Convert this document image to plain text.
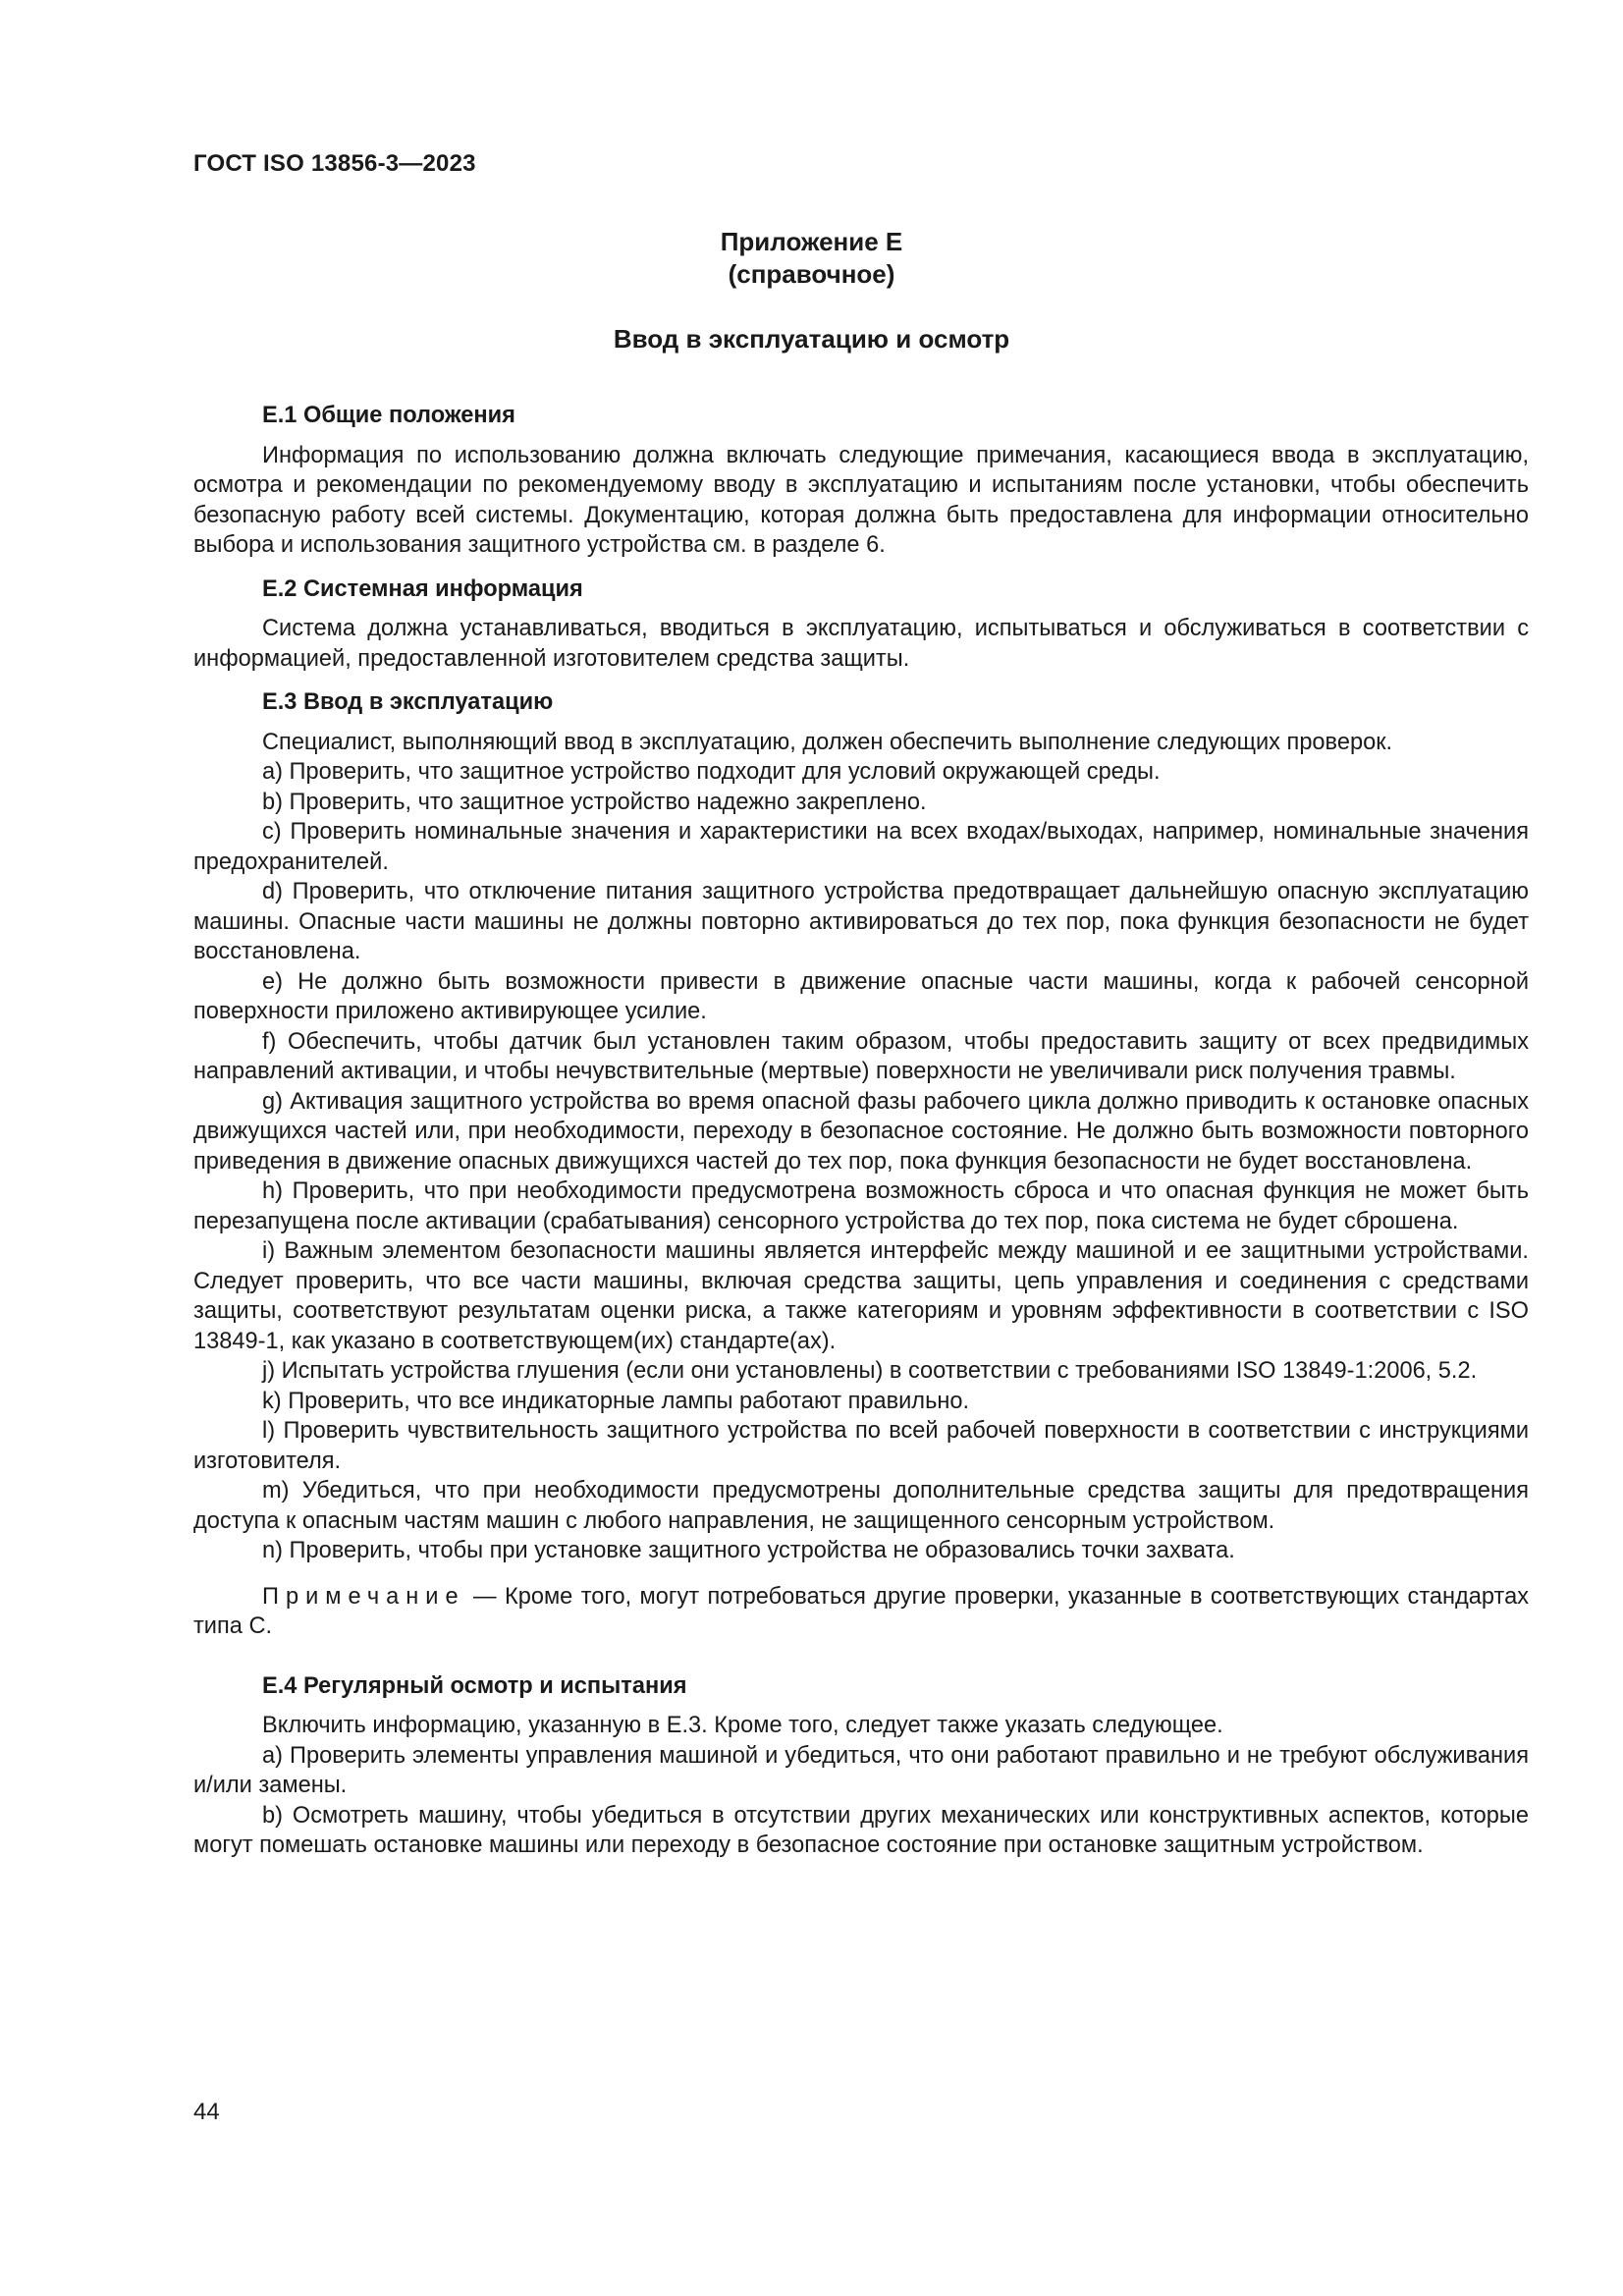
ГОСТ ISO 13856-3—2023
Приложение Е
(справочное)
Ввод в эксплуатацию и осмотр
Е.1 Общие положения

Информация по использованию должна включать следующие примечания, касающиеся ввода в эксплуатацию, осмотра и рекомендации по рекомендуемому вводу в эксплуатацию и испытаниям после установки, чтобы обеспечить безопасную работу всей системы. Документацию, которая должна быть предоставлена для информации относительно выбора и использования защитного устройства см. в разделе 6.

Е.2 Системная информация

Система должна устанавливаться, вводиться в эксплуатацию, испытываться и обслуживаться в соответствии с информацией, предоставленной изготовителем средства защиты.

Е.3 Ввод в эксплуатацию

Специалист, выполняющий ввод в эксплуатацию, должен обеспечить выполнение следующих проверок.

а) Проверить, что защитное устройство подходит для условий окружающей среды.

b) Проверить, что защитное устройство надежно закреплено.

с) Проверить номинальные значения и характеристики на всех входах/выходах, например, номинальные значения предохранителей.

d) Проверить, что отключение питания защитного устройства предотвращает дальнейшую опасную эксплуатацию машины. Опасные части машины не должны повторно активироваться до тех пор, пока функция безопасности не будет восстановлена.

е) Не должно быть возможности привести в движение опасные части машины, когда к рабочей сенсорной поверхности приложено активирующее усилие.

f) Обеспечить, чтобы датчик был установлен таким образом, чтобы предоставить защиту от всех предвидимых направлений активации, и чтобы нечувствительные (мертвые) поверхности не увеличивали риск получения травмы.

g) Активация защитного устройства во время опасной фазы рабочего цикла должно приводить к остановке опасных движущихся частей или, при необходимости, переходу в безопасное состояние. Не должно быть возможности повторного приведения в движение опасных движущихся частей до тех пор, пока функция безопасности не будет восстановлена.

h) Проверить, что при необходимости предусмотрена возможность сброса и что опасная функция не может быть перезапущена после активации (срабатывания) сенсорного устройства до тех пор, пока система не будет сброшена.

i) Важным элементом безопасности машины является интерфейс между машиной и ее защитными устройствами. Следует проверить, что все части машины, включая средства защиты, цепь управления и соединения с средствами защиты, соответствуют результатам оценки риска, а также категориям и уровням эффективности в соответствии с ISO 13849-1, как указано в соответствующем(их) стандарте(ах).

j) Испытать устройства глушения (если они установлены) в соответствии с требованиями ISO 13849-1:2006, 5.2.

k) Проверить, что все индикаторные лампы работают правильно.

l) Проверить чувствительность защитного устройства по всей рабочей поверхности в соответствии с инструкциями изготовителя.

m) Убедиться, что при необходимости предусмотрены дополнительные средства защиты для предотвращения доступа к опасным частям машин с любого направления, не защищенного сенсорным устройством.

n) Проверить, чтобы при установке защитного устройства не образовались точки захвата.

Примечание — Кроме того, могут потребоваться другие проверки, указанные в соответствующих стандартах типа С.

Е.4 Регулярный осмотр и испытания

Включить информацию, указанную в Е.3. Кроме того, следует также указать следующее.

а) Проверить элементы управления машиной и убедиться, что они работают правильно и не требуют обслуживания и/или замены.

b) Осмотреть машину, чтобы убедиться в отсутствии других механических или конструктивных аспектов, которые могут помешать остановке машины или переходу в безопасное состояние при остановке защитным устройством.

44
